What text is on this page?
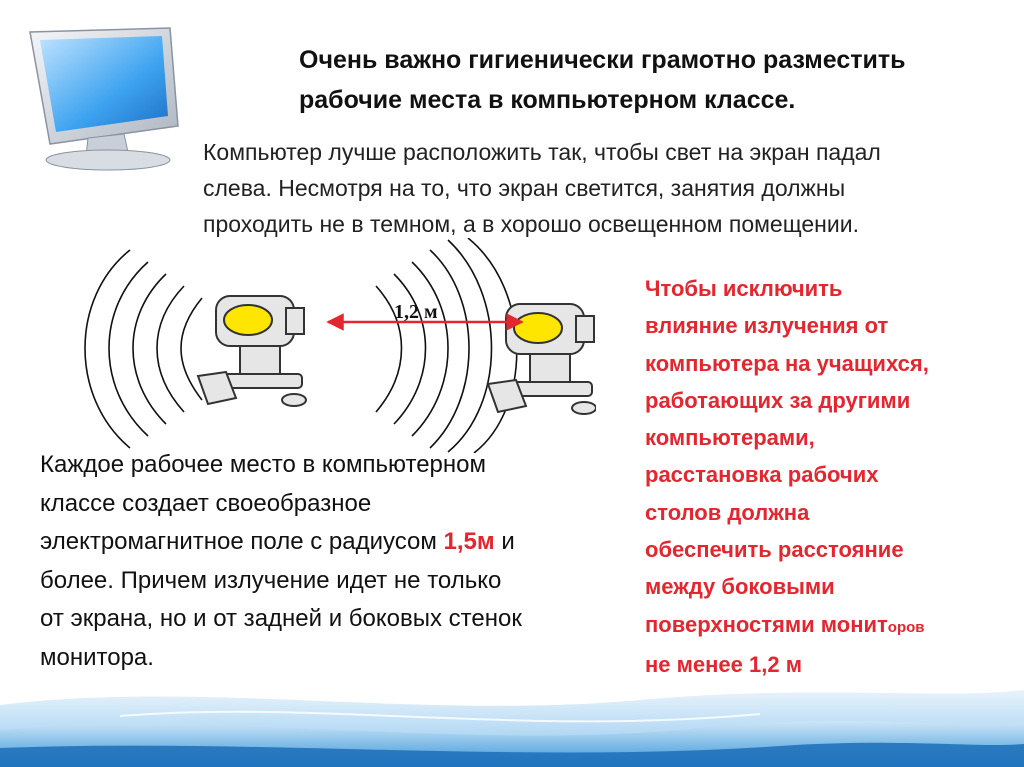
Очень важно гигиенически грамотно разместить
рабочие места в компьютерном классе.
Компьютер лучше расположить так, чтобы свет на экран падал
слева. Несмотря на то, что экран светится, занятия должны
проходить не в темном, а в хорошо освещенном помещении.
1,2 м
Каждое рабочее место в компьютерном
классе создает своеобразное
электромагнитное поле с радиусом 1,5м и
более. Причем излучение идет не только
от экрана, но и от задней и боковых стенок
монитора.
Чтобы исключить
влияние излучения от
компьютера на учащихся,
работающих за другими
компьютерами,
расстановка рабочих
столов должна
обеспечить расстояние
между боковыми
поверхностями мониторов
не менее 1,2 м
